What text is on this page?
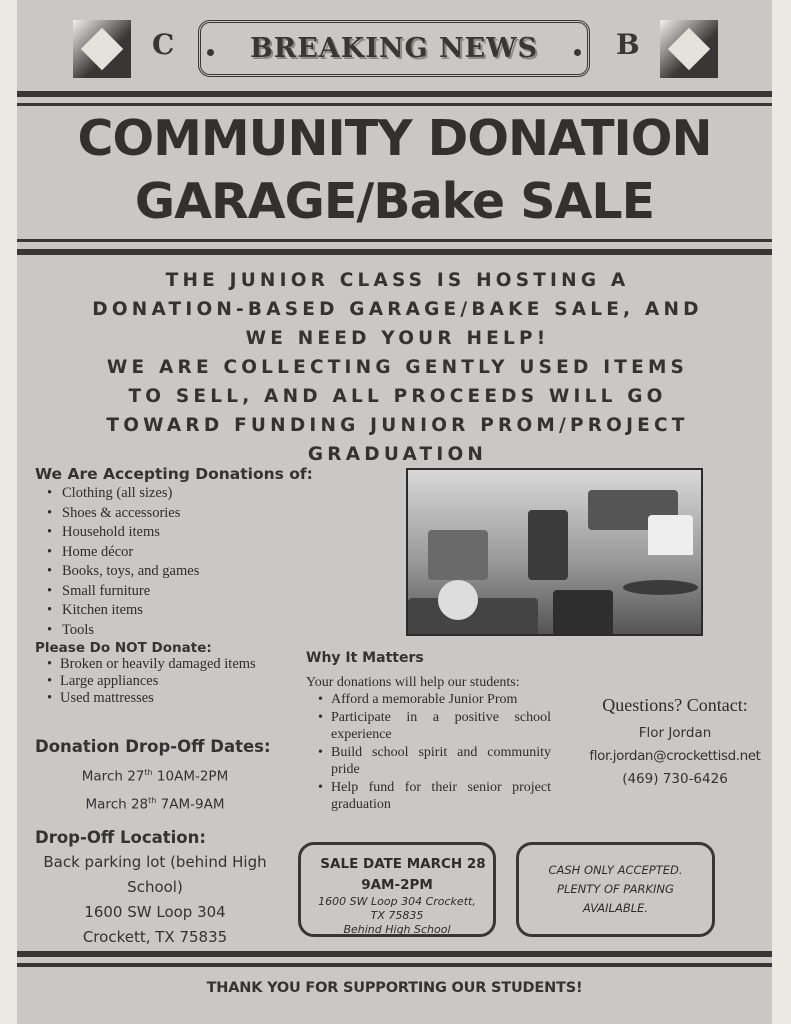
C	B
BREAKING NEWS
COMMUNITY DONATION
GARAGE/Bake SALE
THE JUNIOR CLASS IS HOSTING A
DONATION-BASED GARAGE/BAKE SALE, AND
WE NEED YOUR HELP!
WE ARE COLLECTING GENTLY USED ITEMS
TO SELL, AND ALL PROCEEDS WILL GO
TOWARD FUNDING JUNIOR PROM/PROJECT
GRADUATION
We Are Accepting Donations of:
• Clothing (all sizes)
• Shoes & accessories
• Household items
• Home décor
• Books, toys, and games
• Small furniture
• Kitchen items
• Tools
Please Do NOT Donate:
• Broken or heavily damaged items
• Large appliances
• Used mattresses
Donation Drop-Off Dates:
March 27th 10AM-2PM
March 28th 7AM-9AM
Drop-Off Location:
Back parking lot (behind High School)
1600 SW Loop 304 Crockett, TX 75835
Why It Matters
Your donations will help our students:
• Afford a memorable Junior Prom
• Participate in a positive school experience
• Build school spirit and community pride
• Help fund for their senior project graduation
Questions? Contact:
Flor Jordan
flor.jordan@crockettisd.net
(469) 730-6426
SALE DATE MARCH 28
9AM-2PM
1600 SW Loop 304 Crockett,
TX 75835
Behind High School
CASH ONLY ACCEPTED.
PLENTY OF PARKING
AVAILABLE.
THANK YOU FOR SUPPORTING OUR STUDENTS!
